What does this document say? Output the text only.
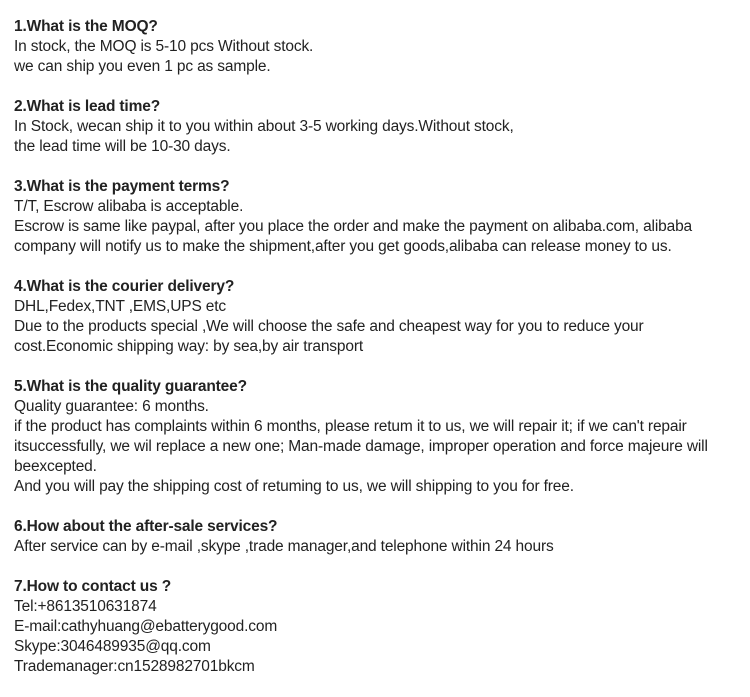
1.What is the MOQ?
In stock, the MOQ is 5-10 pcs Without stock.
we can ship you even 1 pc as sample.
2.What is lead time?
In Stock, wecan ship it to you within about 3-5 working days.Without stock,
the lead time will be 10-30 days.
3.What is the payment terms?
T/T, Escrow alibaba is acceptable.
Escrow is same like paypal, after you place the order and make the payment on alibaba.com, alibaba
company will notify us to make the shipment,after you get goods,alibaba can release money to us.
4.What is the courier delivery?
DHL,Fedex,TNT ,EMS,UPS etc
Due to the products special ,We will choose the safe and cheapest way for you to reduce your
cost.Economic shipping way: by sea,by air transport
5.What is the quality guarantee?
Quality guarantee: 6 months.
if the product has complaints within 6 months, please retum it to us, we will repair it; if we can't repair
itsuccessfully, we wil replace a new one; Man-made damage, improper operation and force majeure will
beexcepted.
And you will pay the shipping cost of retuming to us, we will shipping to you for free.
6.How about the after-sale services?
After service can by e-mail ,skype ,trade manager,and telephone within 24 hours
7.How to contact us ?
Tel:+8613510631874
E-mail:cathyhuang@ebatterygood.com
Skype:3046489935@qq.com
Trademanager:cn1528982701bkcm
